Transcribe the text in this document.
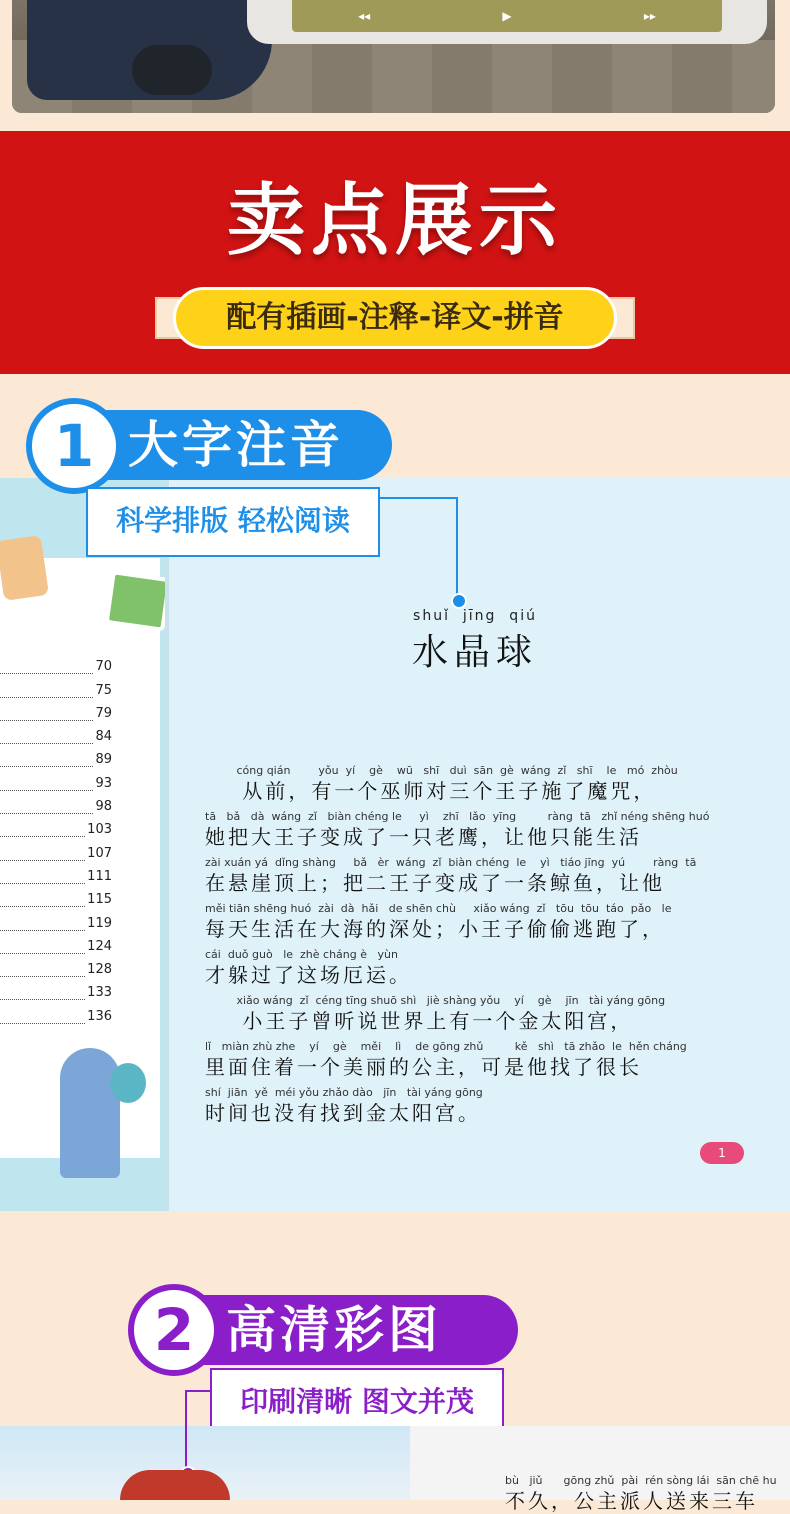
◂◂	▶	▸▸
卖点展示
配有插画-注释-译文-拼音
70
75
79
84
89
93
98
103
107
111
115
119
124
128
133
136
大字注音
1
科学排版 轻松阅读
shuǐ  jīng  qiú
水晶球
cóng qián        yǒu  yí    gè    wū   shī   duì  sān  gè  wáng  zǐ   shī    le   mó  zhòu
从前，有一个巫师对三个王子施了魔咒，
tā   bǎ   dà  wáng  zǐ   biàn chéng le     yì    zhī   lǎo  yīng         ràng  tā   zhǐ néng shēng huó
她把大王子变成了一只老鹰，让他只能生活
zài xuán yá  dǐng shàng     bǎ   èr  wáng  zǐ  biàn chéng  le    yì   tiáo jīng  yú        ràng  tā
在悬崖顶上；把二王子变成了一条鲸鱼，让他
měi tiān shēng huó  zài  dà  hǎi   de shēn chù     xiǎo wáng  zǐ   tōu  tōu  táo  pǎo   le
每天生活在大海的深处；小王子偷偷逃跑了，
cái  duǒ guò   le  zhè cháng è   yùn
才躲过了这场厄运。
xiǎo wáng  zǐ  céng tīng shuō shì   jiè shàng yǒu    yí    gè    jīn   tài yáng gōng
小王子曾听说世界上有一个金太阳宫，
lǐ   miàn zhù zhe    yí    gè    měi    lì    de gōng zhǔ         kě   shì   tā zhǎo  le  hěn cháng
里面住着一个美丽的公主，可是他找了很长
shí  jiān  yě  méi yǒu zhǎo dào   jīn   tài yáng gōng
时间也没有找到金太阳宫。
1
高清彩图
2
印刷清晰 图文并茂
bù   jiǔ      gōng zhǔ  pài  rén sòng lái  sān chē hu
不久，公主派人送来三车
